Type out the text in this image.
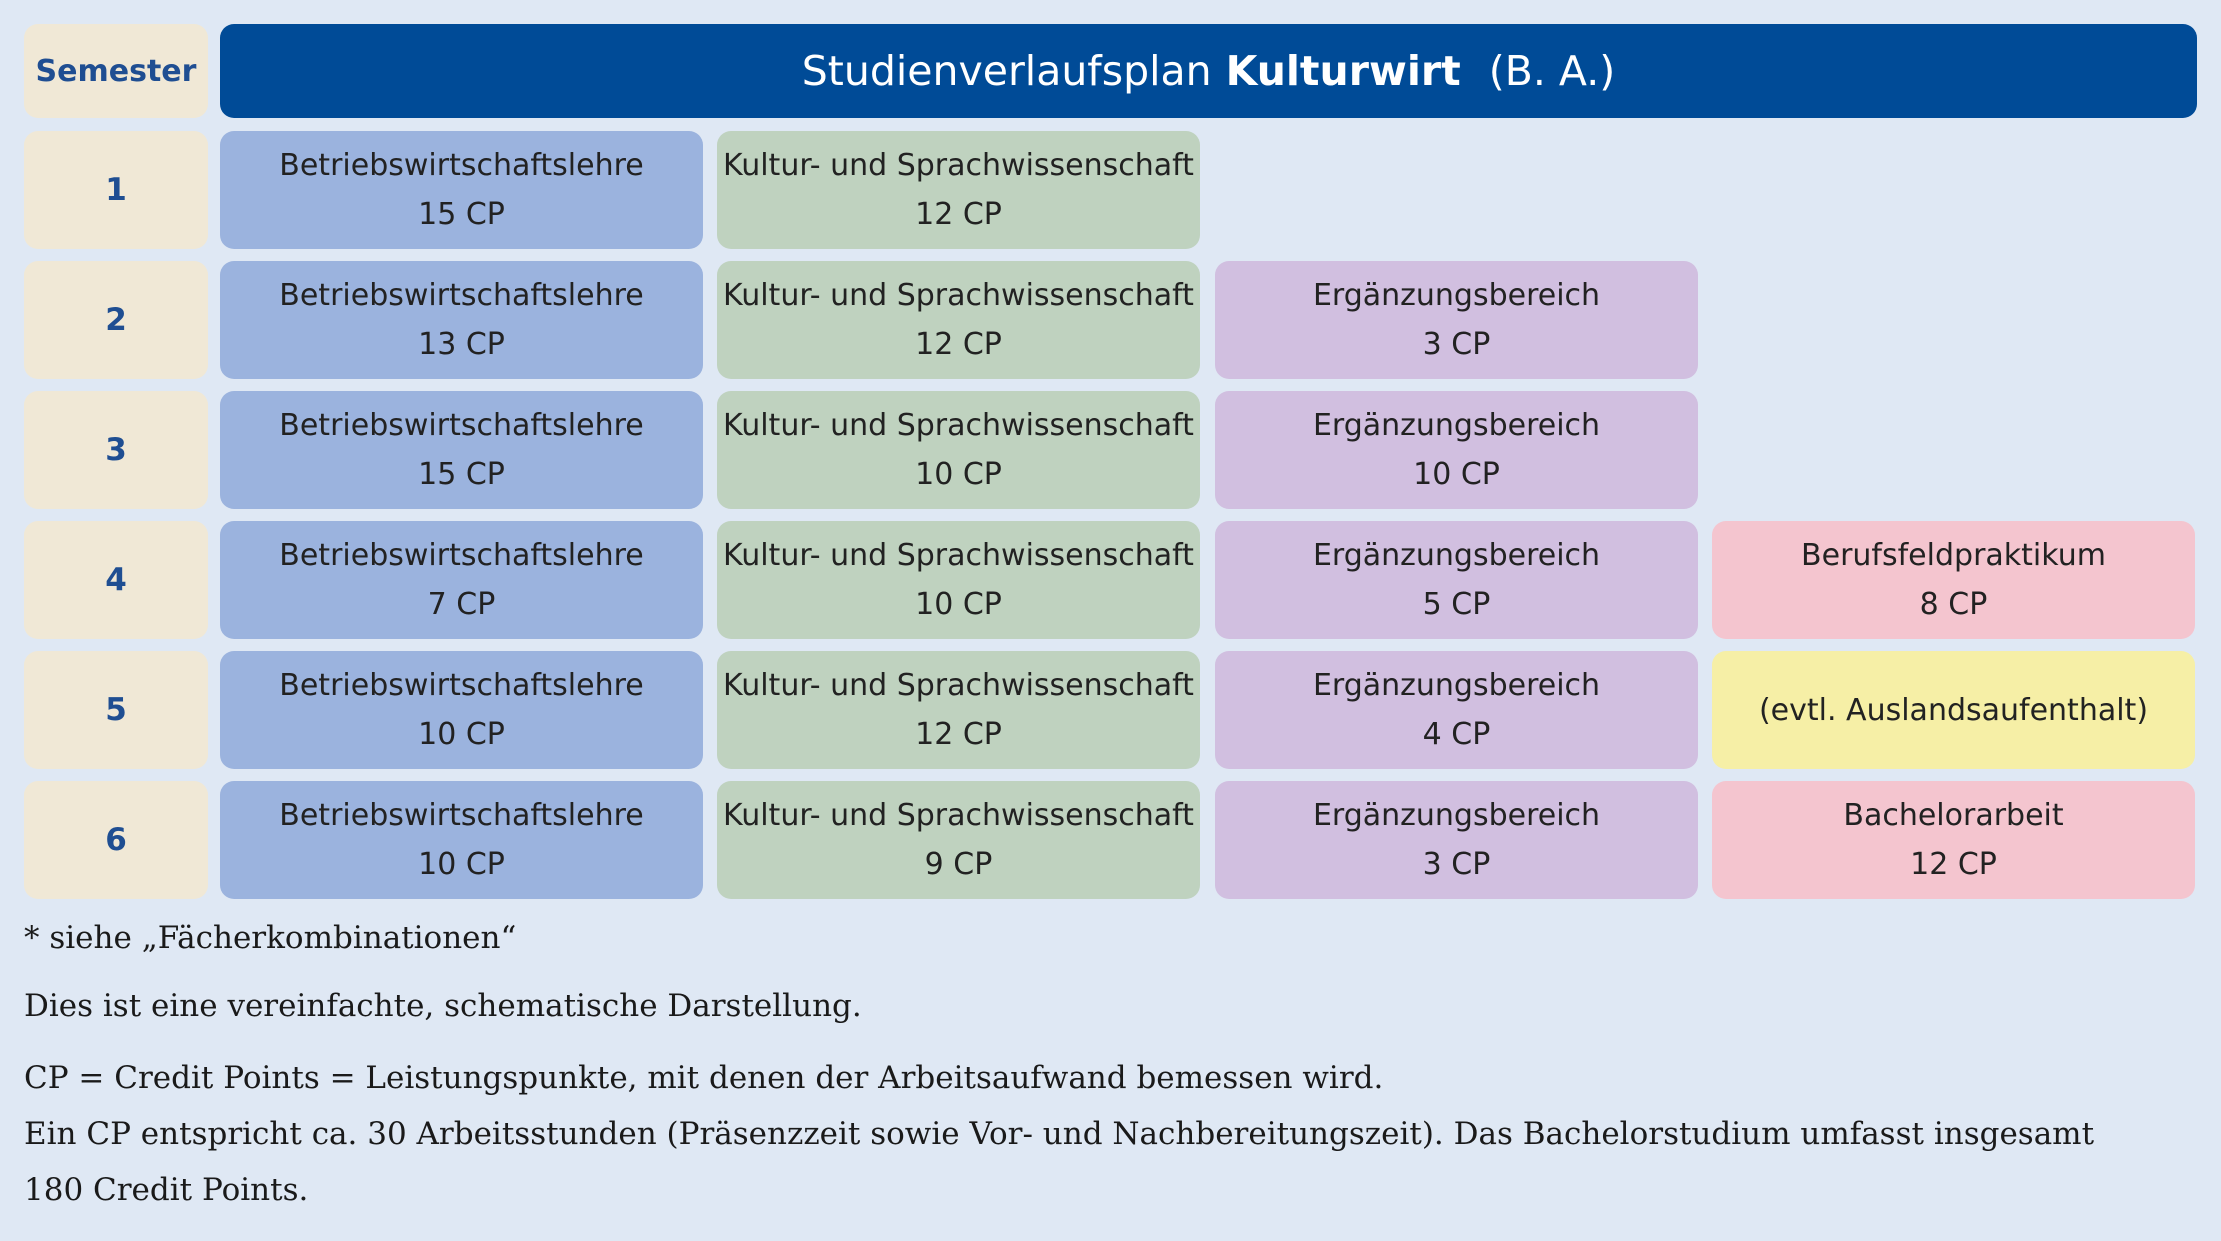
Semester	Studienverlaufsplan Kulturwirt (B. A.)
1
Betriebswirtschaftslehre
15 CP
Kultur- und Sprachwissenschaft
12 CP
2
Betriebswirtschaftslehre
13 CP
Kultur- und Sprachwissenschaft
12 CP
Ergänzungsbereich
3 CP
3
Betriebswirtschaftslehre
15 CP
Kultur- und Sprachwissenschaft
10 CP
Ergänzungsbereich
10 CP
4
Betriebswirtschaftslehre
7 CP
Kultur- und Sprachwissenschaft
10 CP
Ergänzungsbereich
5 CP
Berufsfeldpraktikum
8 CP
5
Betriebswirtschaftslehre
10 CP
Kultur- und Sprachwissenschaft
12 CP
Ergänzungsbereich
4 CP
(evtl. Auslandsaufenthalt)
6
Betriebswirtschaftslehre
10 CP
Kultur- und Sprachwissenschaft
9 CP
Ergänzungsbereich
3 CP
Bachelorarbeit
12 CP

* siehe „Fächerkombinationen“

Dies ist eine vereinfachte, schematische Darstellung.

CP = Credit Points = Leistungspunkte, mit denen der Arbeitsaufwand bemessen wird.

Ein CP entspricht ca. 30 Arbeitsstunden (Präsenzzeit sowie Vor- und Nachbereitungszeit). Das Bachelorstudium umfasst insgesamt

180 Credit Points.
